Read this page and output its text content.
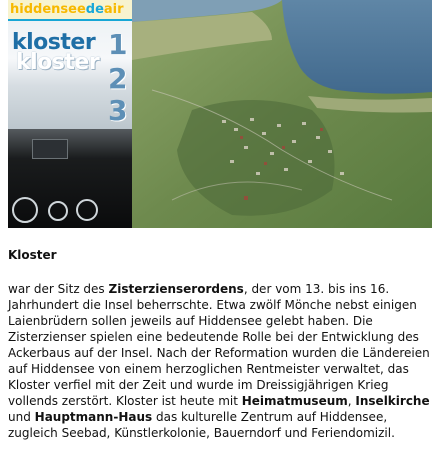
hiddenseedeair
kloster
kloster
1
2
3
Kloster
war der Sitz des Zisterzienserordens, der vom 13. bis ins 16. Jahrhundert die Insel beherrschte. Etwa zwölf Mönche nebst einigen Laienbrüdern sollen jeweils auf Hiddensee gelebt haben. Die Zisterzienser spielen eine bedeutende Rolle bei der Entwicklung des Ackerbaus auf der Insel. Nach der Reformation wurden die Ländereien auf Hiddensee von einem herzoglichen Rentmeister verwaltet, das Kloster verfiel mit der Zeit und wurde im Dreissigjährigen Krieg vollends zerstört. Kloster ist heute mit Heimatmuseum, Inselkirche und Hauptmann-Haus das kulturelle Zentrum auf Hiddensee, zugleich Seebad, Künstlerkolonie, Bauerndorf und Feriendomizil.
